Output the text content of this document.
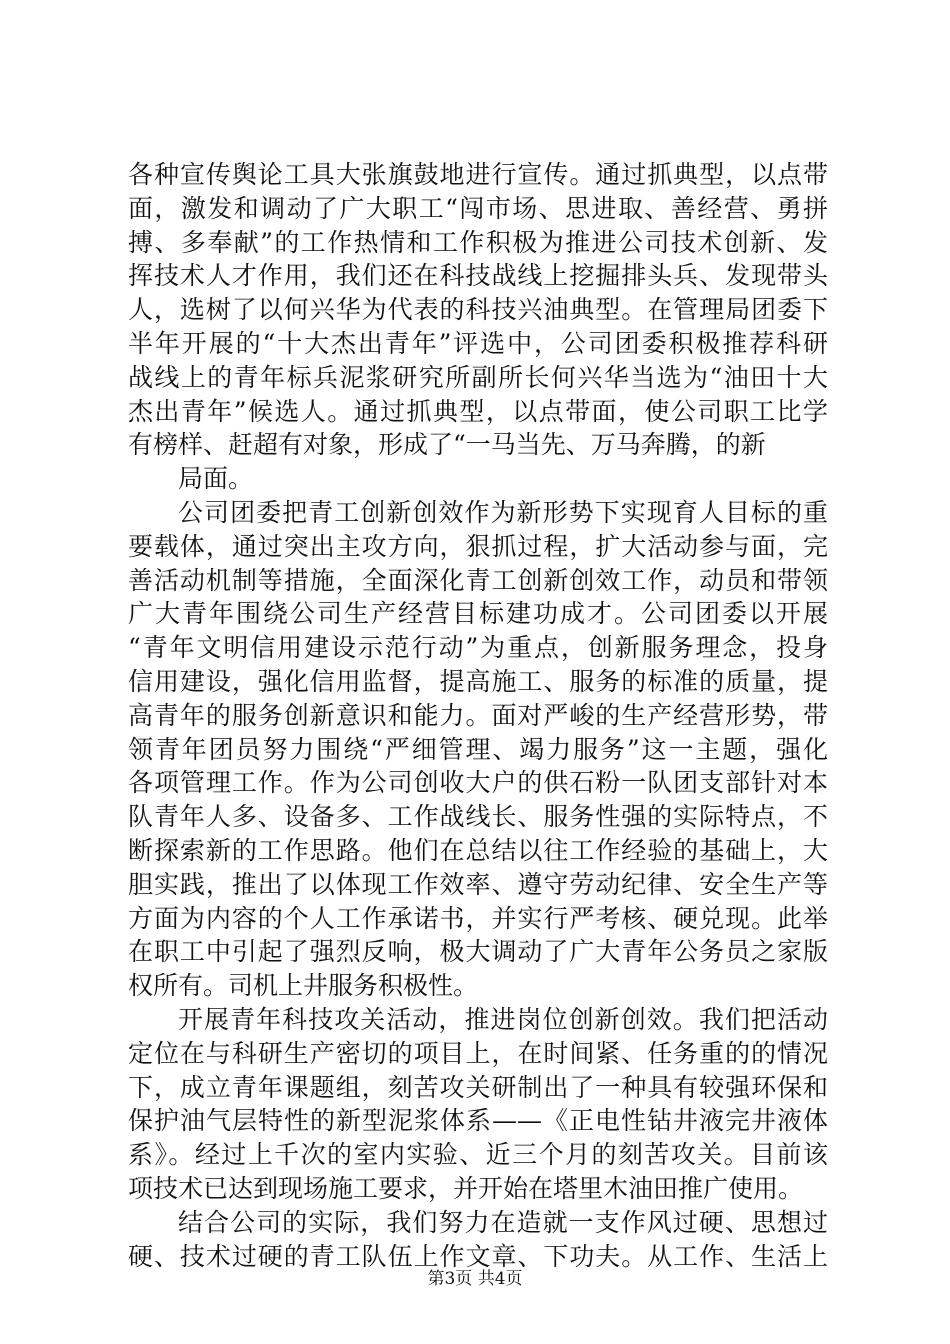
各种宣传舆论工具大张旗鼓地进行宣传。通过抓典型，以点带
面，激发和调动了广大职工“闯市场、思进取、善经营、勇拼
搏、多奉献”的工作热情和工作积极为推进公司技术创新、发
挥技术人才作用，我们还在科技战线上挖掘排头兵、发现带头
人，选树了以何兴华为代表的科技兴油典型。在管理局团委下
半年开展的“十大杰出青年”评选中，公司团委积极推荐科研
战线上的青年标兵泥浆研究所副所长何兴华当选为“油田十大
杰出青年”候选人。通过抓典型，以点带面，使公司职工比学
有榜样、赶超有对象，形成了“一马当先、万马奔腾，的新
局面。
公司团委把青工创新创效作为新形势下实现育人目标的重
要载体，通过突出主攻方向，狠抓过程，扩大活动参与面，完
善活动机制等措施，全面深化青工创新创效工作，动员和带领
广大青年围绕公司生产经营目标建功成才。公司团委以开展
“青年文明信用建设示范行动”为重点，创新服务理念，投身
信用建设，强化信用监督，提高施工、服务的标准的质量，提
高青年的服务创新意识和能力。面对严峻的生产经营形势，带
领青年团员努力围绕“严细管理、竭力服务”这一主题，强化
各项管理工作。作为公司创收大户的供石粉一队团支部针对本
队青年人多、设备多、工作战线长、服务性强的实际特点，不
断探索新的工作思路。他们在总结以往工作经验的基础上，大
胆实践，推出了以体现工作效率、遵守劳动纪律、安全生产等
方面为内容的个人工作承诺书，并实行严考核、硬兑现。此举
在职工中引起了强烈反响，极大调动了广大青年公务员之家版
权所有。司机上井服务积极性。
开展青年科技攻关活动，推进岗位创新创效。我们把活动
定位在与科研生产密切的项目上，在时间紧、任务重的的情况
下，成立青年课题组，刻苦攻关研制出了一种具有较强环保和
保护油气层特性的新型泥浆体系——《正电性钻井液完井液体
系》。经过上千次的室内实验、近三个月的刻苦攻关。目前该
项技术已达到现场施工要求，并开始在塔里木油田推广使用。
结合公司的实际，我们努力在造就一支作风过硬、思想过
硬、技术过硬的青工队伍上作文章、下功夫。从工作、生活上
第3页 共4页
